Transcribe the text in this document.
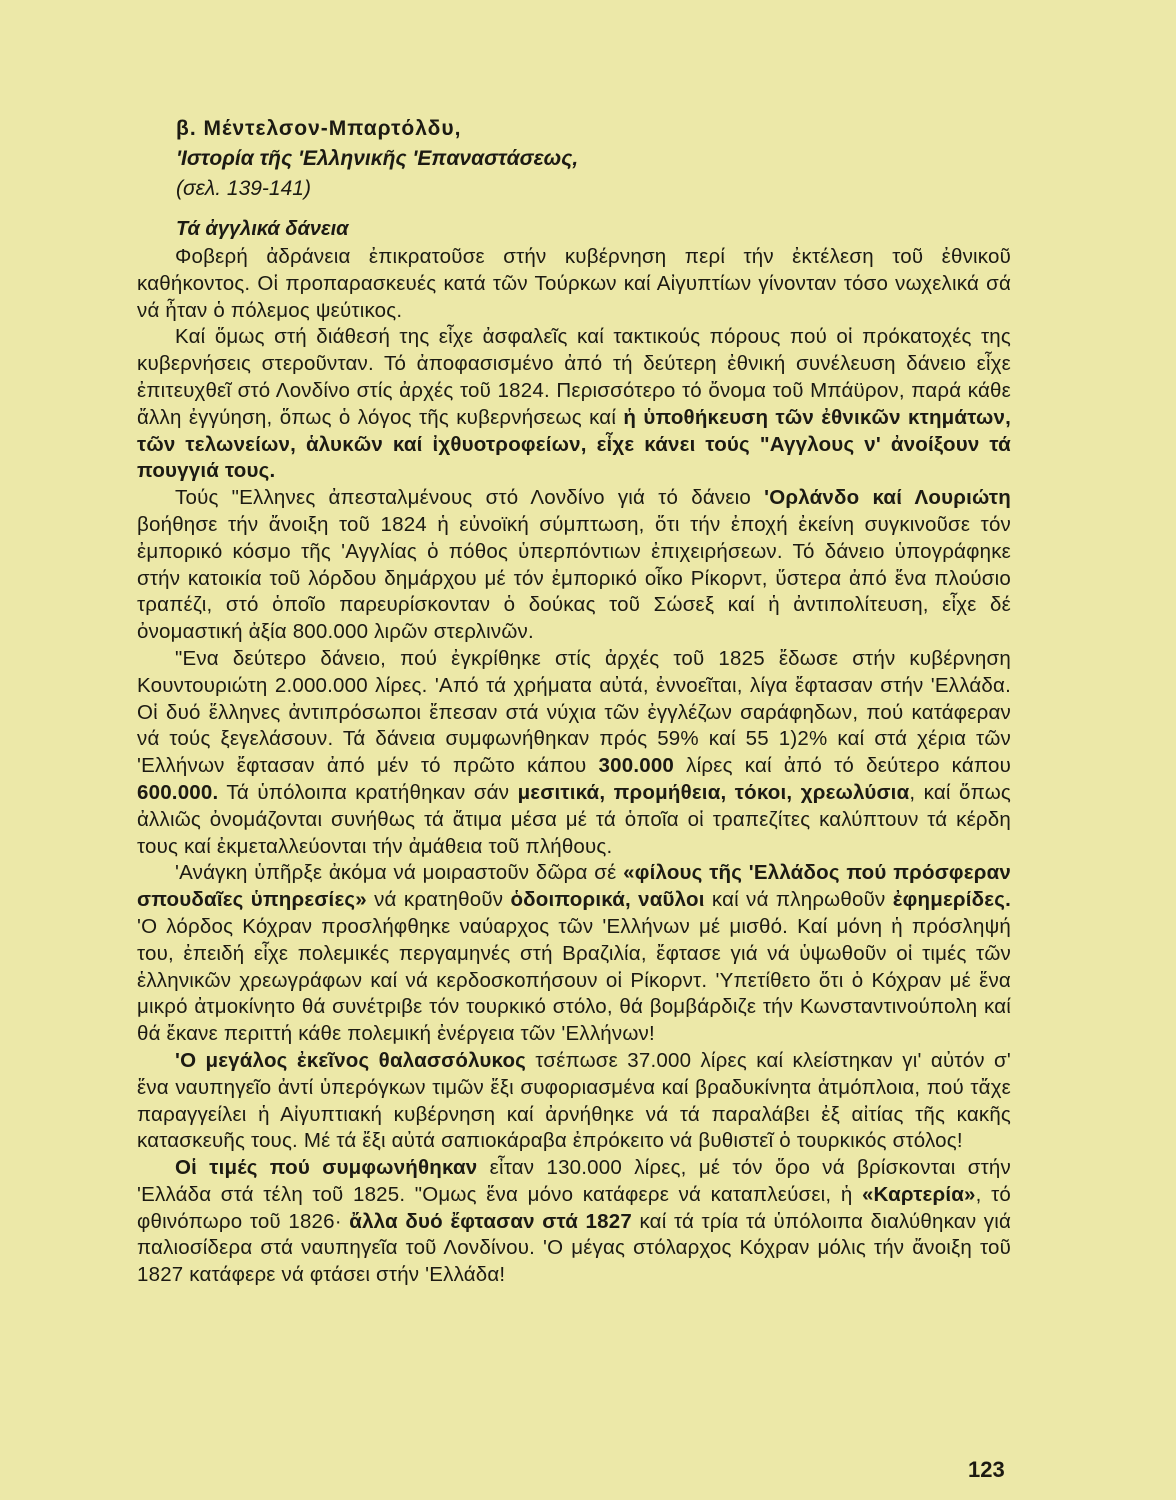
β. Μέντελσον-Μπαρτόλδυ,
'Ιστορία τῆς 'Ελληνικῆς 'Επαναστάσεως,
(σελ. 139-141)
Τά ἀγγλικά δάνεια

Φοβερή ἀδράνεια ἐπικρατοῦσε στήν κυβέρνηση περί τήν ἐκτέλεση τοῦ ἐθνικοῦ καθήκοντος. Οἱ προπαρασκευές κατά τῶν Τούρκων καί Αἰγυπτίων γίνονταν τόσο νωχελικά σά νά ἦταν ὁ πόλεμος ψεύτικος.

Καί ὅμως στή διάθεσή της εἶχε ἀσφαλεῖς καί τακτικούς πόρους πού οἱ πρόκατοχές της κυβερνήσεις στεροῦνταν. Τό ἀποφασισμένο ἀπό τή δεύτερη ἐθνική συνέλευση δάνειο εἶχε ἐπιτευχθεῖ στό Λονδίνο στίς ἀρχές τοῦ 1824. Περισσότερο τό ὄνομα τοῦ Μπάϋρον, παρά κάθε ἄλλη ἐγγύηση, ὅπως ὁ λόγος τῆς κυβερνήσεως καί ἡ ὑποθήκευση τῶν ἐθνικῶν κτημάτων, τῶν τελωνείων, ἁλυκῶν καί ἰχθυοτροφείων, εἶχε κάνει τούς "Αγγλους ν' ἀνοίξουν τά πουγγιά τους.

Τούς "Ελληνες ἀπεσταλμένους στό Λονδίνο γιά τό δάνειο 'Ορλάνδο καί Λουριώτη βοήθησε τήν ἄνοιξη τοῦ 1824 ἡ εὐνοϊκή σύμπτωση, ὅτι τήν ἐποχή ἐκείνη συγκινοῦσε τόν ἐμπορικό κόσμο τῆς 'Αγγλίας ὁ πόθος ὑπερπόντιων ἐπιχειρήσεων. Τό δάνειο ὑπογράφηκε στήν κατοικία τοῦ λόρδου δημάρχου μέ τόν ἐμπορικό οἶκο Ρίκορντ, ὕστερα ἀπό ἕνα πλούσιο τραπέζι, στό ὁποῖο παρευρίσκονταν ὁ δούκας τοῦ Σώσεξ καί ἡ ἀντιπολίτευση, εἶχε δέ ὀνομαστική ἀξία 800.000 λιρῶν στερλινῶν.

"Ενα δεύτερο δάνειο, πού ἐγκρίθηκε στίς ἀρχές τοῦ 1825 ἔδωσε στήν κυβέρνηση Κουντουριώτη 2.000.000 λίρες. 'Από τά χρήματα αὐτά, ἐννοεῖται, λίγα ἔφτασαν στήν 'Ελλάδα. Οἱ δυό ἕλληνες ἀντιπρόσωποι ἔπεσαν στά νύχια τῶν ἐγγλέζων σαράφηδων, πού κατάφεραν νά τούς ξεγελάσουν. Τά δάνεια συμφωνήθηκαν πρός 59% καί 55 1)2% καί στά χέρια τῶν 'Ελλήνων ἔφτασαν ἀπό μέν τό πρῶτο κάπου 300.000 λίρες καί ἀπό τό δεύτερο κάπου 600.000. Τά ὑπόλοιπα κρατήθηκαν σάν μεσιτικά, προμήθεια, τόκοι, χρεωλύσια, καί ὅπως ἀλλιῶς ὀνομάζονται συνήθως τά ἄτιμα μέσα μέ τά ὁποῖα οἱ τραπεζίτες καλύπτουν τά κέρδη τους καί ἐκμεταλλεύονται τήν ἀμάθεια τοῦ πλήθους.

'Ανάγκη ὑπῆρξε ἀκόμα νά μοιραστοῦν δῶρα σέ «φίλους τῆς 'Ελλάδος πού πρόσφεραν σπουδαῖες ὑπηρεσίες» νά κρατηθοῦν ὁδοιπορικά, ναῦλοι καί νά πληρωθοῦν ἐφημερίδες. 'Ο λόρδος Κόχραν προσλήφθηκε ναύαρχος τῶν 'Ελλήνων μέ μισθό. Καί μόνη ἡ πρόσληψή του, ἐπειδή εἶχε πολεμικές περγαμηνές στή Βραζιλία, ἔφτασε γιά νά ὑψωθοῦν οἱ τιμές τῶν ἑλληνικῶν χρεωγράφων καί νά κερδοσκοπήσουν οἱ Ρίκορντ. 'Υπετίθετο ὅτι ὁ Κόχραν μέ ἕνα μικρό ἀτμοκίνητο θά συνέτριβε τόν τουρκικό στόλο, θά βομβάρδιζε τήν Κωνσταντινούπολη καί θά ἔκανε περιττή κάθε πολεμική ἐνέργεια τῶν 'Ελλήνων!

'Ο μεγάλος ἐκεῖνος θαλασσόλυκος τσέπωσε 37.000 λίρες καί κλείστηκαν γι' αὐτόν σ' ἕνα ναυπηγεῖο ἀντί ὑπερόγκων τιμῶν ἔξι συφοριασμένα καί βραδυκίνητα ἀτμόπλοια, πού τἄχε παραγγείλει ἡ Αἰγυπτιακή κυβέρνηση καί ἀρνήθηκε νά τά παραλάβει ἐξ αἰτίας τῆς κακῆς κατασκευῆς τους. Μέ τά ἔξι αὐτά σαπιοκάραβα ἐπρόκειτο νά βυθιστεῖ ὁ τουρκικός στόλος!

Οἱ τιμές πού συμφωνήθηκαν εἶταν 130.000 λίρες, μέ τόν ὅρο νά βρίσκονται στήν 'Ελλάδα στά τέλη τοῦ 1825. "Ομως ἕνα μόνο κατάφερε νά καταπλεύσει, ἡ «Καρτερία», τό φθινόπωρο τοῦ 1826· ἄλλα δυό ἔφτασαν στά 1827 καί τά τρία τά ὑπόλοιπα διαλύθηκαν γιά παλιοσίδερα στά ναυπηγεῖα τοῦ Λονδίνου. 'Ο μέγας στόλαρχος Κόχραν μόλις τήν ἄνοιξη τοῦ 1827 κατάφερε νά φτάσει στήν 'Ελλάδα!

123
